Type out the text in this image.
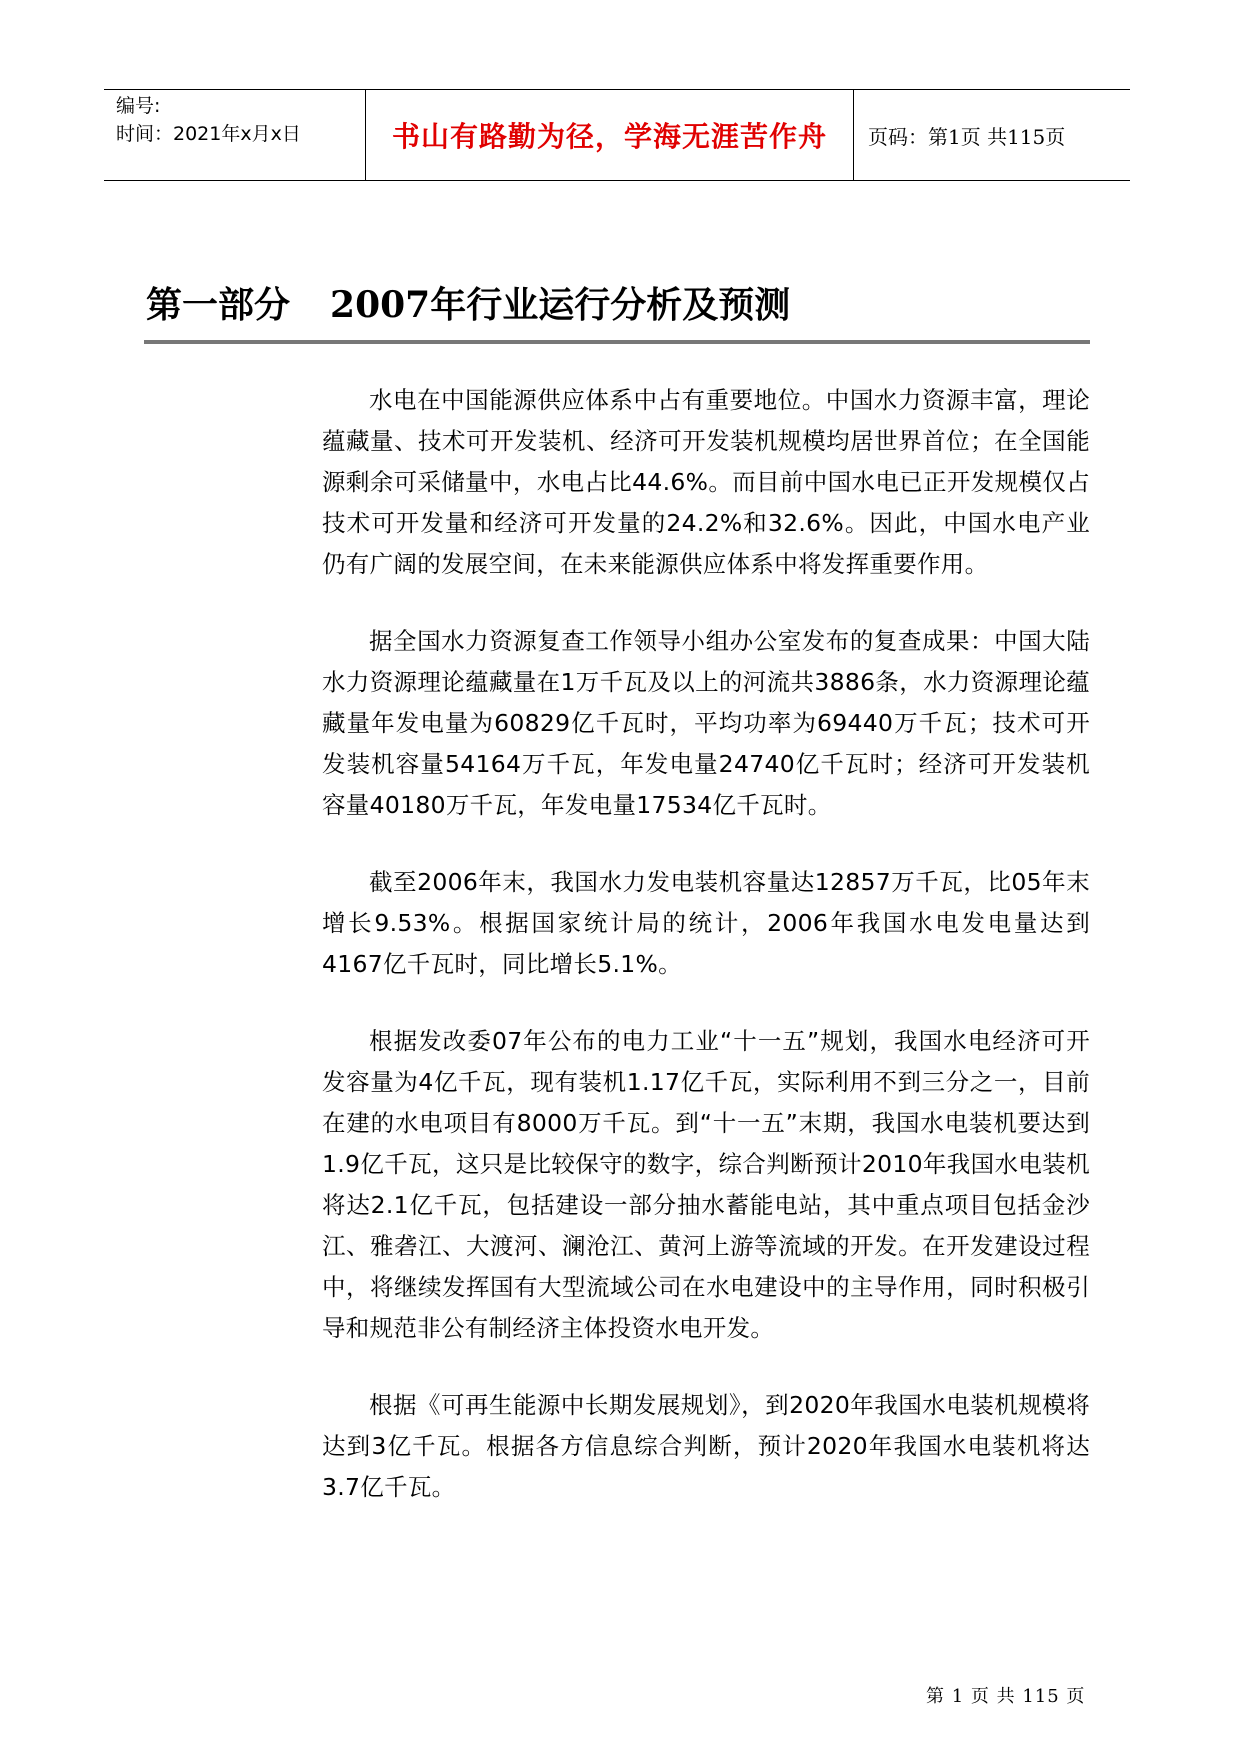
编号:
时间：2021年x月x日	书山有路勤为径，学海无涯苦作舟	页码：第1页 共115页
第一部分 2007年行业运行分析及预测

水电在中国能源供应体系中占有重要地位。中国水力资源丰富，理论蕴藏量、技术可开发装机、经济可开发装机规模均居世界首位；在全国能源剩余可采储量中，水电占比44.6%。而目前中国水电已正开发规模仅占技术可开发量和经济可开发量的24.2%和32.6%。因此，中国水电产业仍有广阔的发展空间，在未来能源供应体系中将发挥重要作用。

据全国水力资源复查工作领导小组办公室发布的复查成果：中国大陆水力资源理论蕴藏量在1万千瓦及以上的河流共3886条，水力资源理论蕴藏量年发电量为60829亿千瓦时，平均功率为69440万千瓦；技术可开发装机容量54164万千瓦，年发电量24740亿千瓦时；经济可开发装机容量40180万千瓦，年发电量17534亿千瓦时。

截至2006年末，我国水力发电装机容量达12857万千瓦，比05年末增长9.53%。根据国家统计局的统计，2006年我国水电发电量达到4167亿千瓦时，同比增长5.1%。

根据发改委07年公布的电力工业“十一五”规划，我国水电经济可开发容量为4亿千瓦，现有装机1.17亿千瓦，实际利用不到三分之一，目前在建的水电项目有8000万千瓦。到“十一五”末期，我国水电装机要达到1.9亿千瓦，这只是比较保守的数字，综合判断预计2010年我国水电装机将达2.1亿千瓦，包括建设一部分抽水蓄能电站，其中重点项目包括金沙江、雅砻江、大渡河、澜沧江、黄河上游等流域的开发。在开发建设过程中，将继续发挥国有大型流域公司在水电建设中的主导作用，同时积极引导和规范非公有制经济主体投资水电开发。

根据《可再生能源中长期发展规划》，到2020年我国水电装机规模将达到3亿千瓦。根据各方信息综合判断，预计2020年我国水电装机将达3.7亿千瓦。

第 1 页 共 115 页
